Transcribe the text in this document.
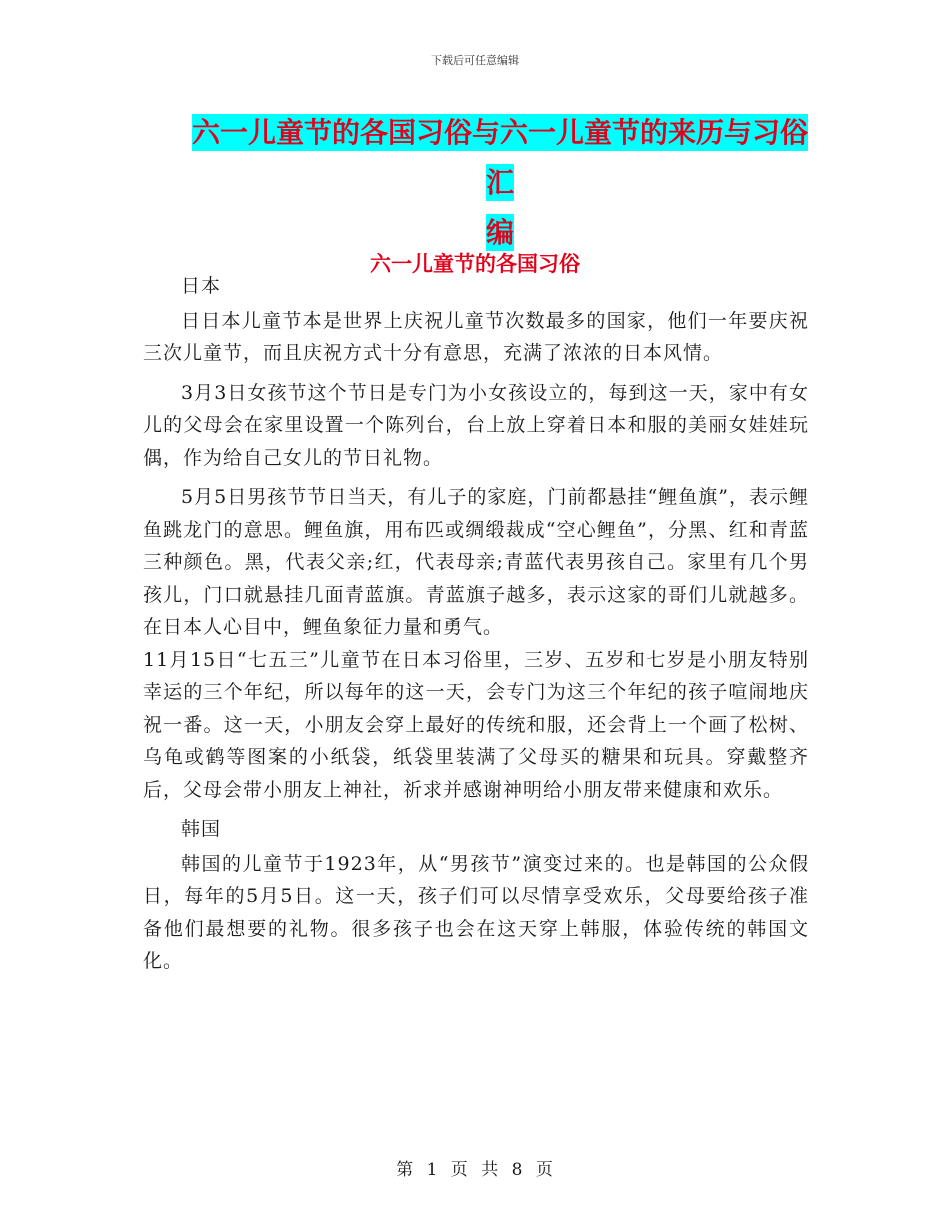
下载后可任意编辑
六一儿童节的各国习俗与六一儿童节的来历与习俗汇
编
六一儿童节的各国习俗

日本

日日本儿童节本是世界上庆祝儿童节次数最多的国家，他们一年要庆祝三次儿童节，而且庆祝方式十分有意思，充满了浓浓的日本风情。

3月3日女孩节这个节日是专门为小女孩设立的，每到这一天，家中有女儿的父母会在家里设置一个陈列台，台上放上穿着日本和服的美丽女娃娃玩偶，作为给自己女儿的节日礼物。

5月5日男孩节节日当天，有儿子的家庭，门前都悬挂“鲤鱼旗”，表示鲤鱼跳龙门的意思。鲤鱼旗，用布匹或绸缎裁成“空心鲤鱼”，分黑、红和青蓝三种颜色。黑，代表父亲;红，代表母亲;青蓝代表男孩自己。家里有几个男孩儿，门口就悬挂几面青蓝旗。青蓝旗子越多，表示这家的哥们儿就越多。在日本人心目中，鲤鱼象征力量和勇气。

11月15日“七五三”儿童节在日本习俗里，三岁、五岁和七岁是小朋友特别幸运的三个年纪，所以每年的这一天，会专门为这三个年纪的孩子喧闹地庆祝一番。这一天，小朋友会穿上最好的传统和服，还会背上一个画了松树、乌龟或鹤等图案的小纸袋，纸袋里装满了父母买的糖果和玩具。穿戴整齐后，父母会带小朋友上神社，祈求并感谢神明给小朋友带来健康和欢乐。

韩国

韩国的儿童节于1923年，从“男孩节”演变过来的。也是韩国的公众假日，每年的5月5日。这一天，孩子们可以尽情享受欢乐，父母要给孩子准备他们最想要的礼物。很多孩子也会在这天穿上韩服，体验传统的韩国文化。

第 1 页 共 8 页
